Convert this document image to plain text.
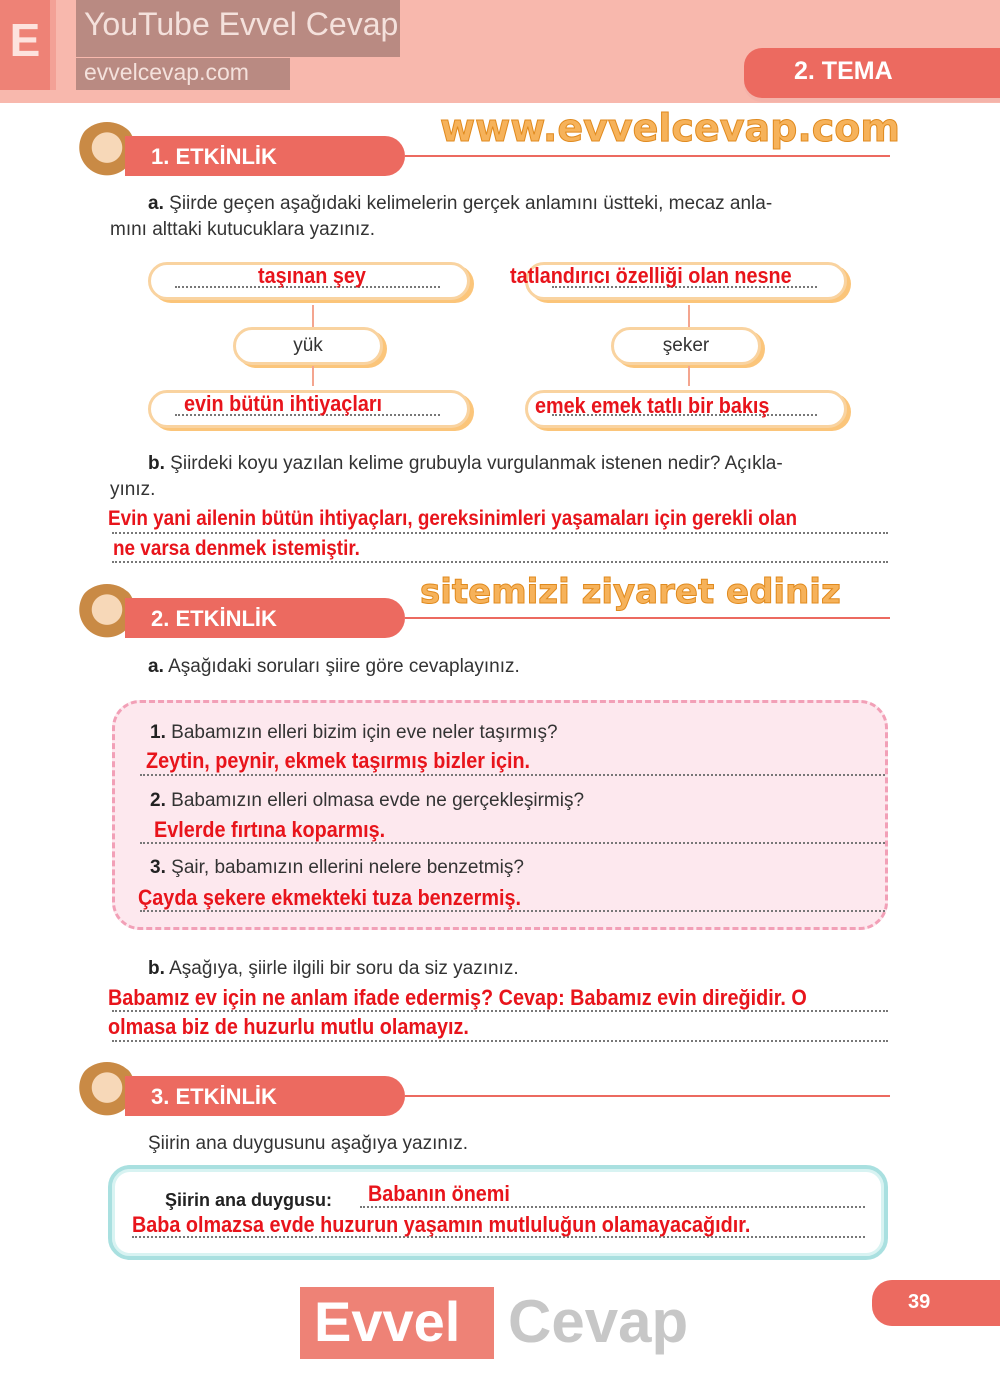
E	YouTube Evvel Cevap
evvelcevap.com	2. TEMA
1. ETKİNLİK
a. Şiirde geçen aşağıdaki kelimelerin gerçek anlamını üstteki, mecaz anla-
mını alttaki kutucuklara yazınız.
taşınan şey
yük
evin bütün ihtiyaçları
tatlandırıcı özelliği olan nesne
şeker
emek emek tatlı bir bakış
b. Şiirdeki koyu yazılan kelime grubuyla vurgulanmak istenen nedir? Açıkla-
yınız.
Evin yani ailenin bütün ihtiyaçları, gereksinimleri yaşamaları için gerekli olan
ne varsa denmek istemiştir.
2. ETKİNLİK
a. Aşağıdaki soruları şiire göre cevaplayınız.
1. Babamızın elleri bizim için eve neler taşırmış?
Zeytin, peynir, ekmek taşırmış bizler için.
2. Babamızın elleri olmasa evde ne gerçekleşirmiş?
Evlerde fırtına koparmış.
3. Şair, babamızın ellerini nelere benzetmiş?
Çayda şekere ekmekteki tuza benzermiş.
b. Aşağıya, şiirle ilgili bir soru da siz yazınız.
Babamız ev için ne anlam ifade edermiş? Cevap: Babamız evin direğidir. O
olmasa biz de huzurlu mutlu olamayız.
3. ETKİNLİK
Şiirin ana duygusunu aşağıya yazınız.
Şiirin ana duygusu: Babanın önemi
Baba olmazsa evde huzurun yaşamın mutluluğun olamayacağıdır.
Evvel Cevap	39
www.evvelcevap.com
sitemizi ziyaret ediniz
